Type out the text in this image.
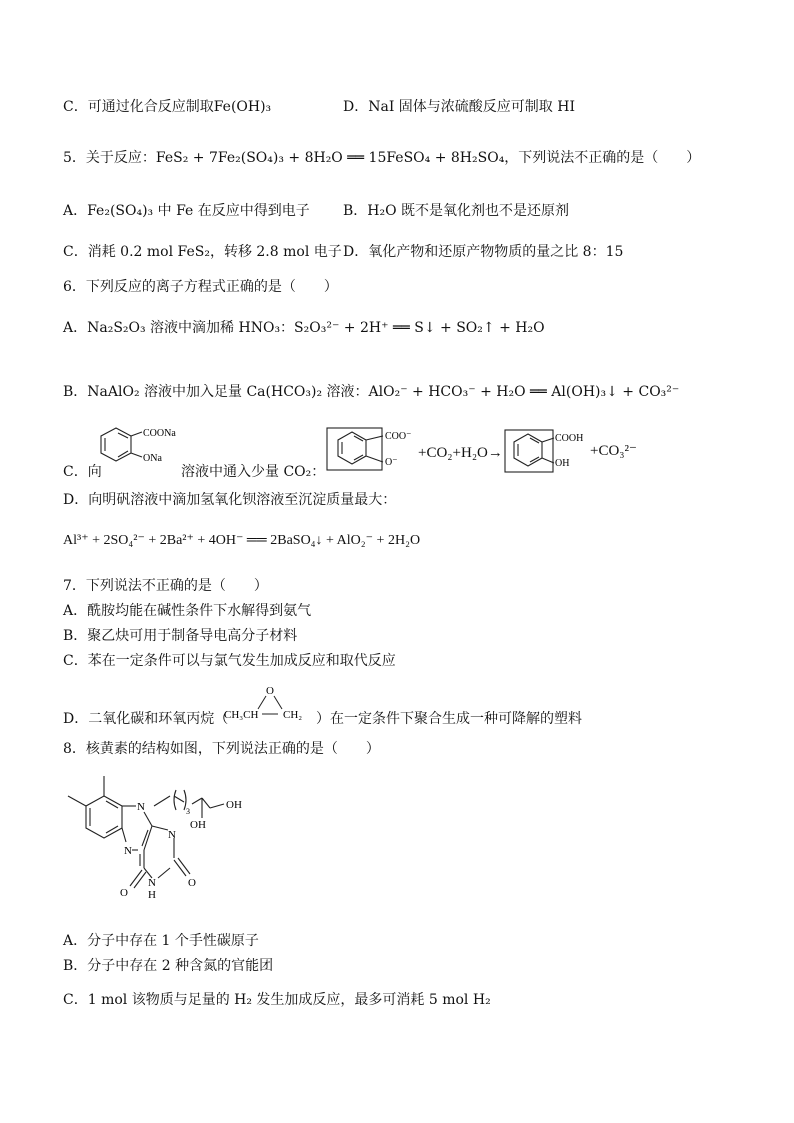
C．可通过化合反应制取Fe(OH)₃	D．NaI 固体与浓硫酸反应可制取 HI
5．关于反应：FeS₂ + 7Fe₂(SO₄)₃ + 8H₂O ══ 15FeSO₄ + 8H₂SO₄，下列说法不正确的是（　　）
A．Fe₂(SO₄)₃ 中 Fe 在反应中得到电子 B．H₂O 既不是氧化剂也不是还原剂
C．消耗 0.2 mol FeS₂，转移 2.8 mol 电子 D．氧化产物和还原产物物质的量之比 8：15
6．下列反应的离子方程式正确的是（　　）
A．Na₂S₂O₃ 溶液中滴加稀 HNO₃：S₂O₃²⁻ + 2H⁺ ══ S↓ + SO₂↑ + H₂O
B．NaAlO₂ 溶液中加入足量 Ca(HCO₃)₂ 溶液：AlO₂⁻ + HCO₃⁻ + H₂O ══ Al(OH)₃↓ + CO₃²⁻
C．向
COONa
ONa
溶液中通入少量 CO₂：
COO⁻
O⁻
+CO₂+H₂O→
COOH
OH
+CO₃²⁻
D．向明矾溶液中滴加氢氧化钡溶液至沉淀质量最大：
Al³⁺ + 2SO₄²⁻ + 2Ba²⁺ + 4OH⁻ ══ 2BaSO₄↓ + AlO₂⁻ + 2H₂O
7．下列说法不正确的是（　　）
A．酰胺均能在碱性条件下水解得到氨气
B．聚乙炔可用于制备导电高分子材料
C．苯在一定条件可以与氯气发生加成反应和取代反应
D．二氧化碳和环氧丙烷（
O
CH₃CH CH₂ ）在一定条件下聚合生成一种可降解的塑料
8．核黄素的结构如图，下列说法正确的是（　　）
N
N
N
N
H
O
O
OH
OH
3
A．分子中存在 1 个手性碳原子
B．分子中存在 2 种含氮的官能团
C．1 mol 该物质与足量的 H₂ 发生加成反应，最多可消耗 5 mol H₂
